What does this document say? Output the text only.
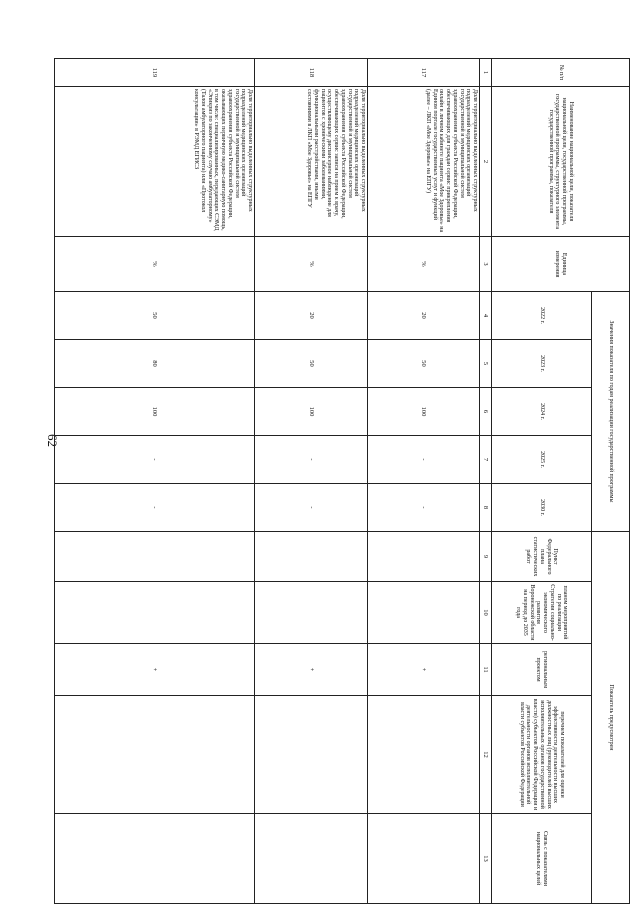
62
№ п/п	Наименование национальной цели, показателя национальной цели, государственной программы, государственной программы, структурного элемента государственной программы, показателя	Единица измерения	Значения показателя по годам реализации государственной программы					Показатель предусмотрен				
			2022 г.	2023 г.	2024 г.	2025 г.	2030 г.	Пункт Федерального плана статистических работ	планом мероприятий по реализации Стратегии социально-экономического развития Воронежской области на период до 2035 года	региональным проектом	перечнем показателей для оценки эффективности деятельности высших должностных лиц (руководителей высших исполнительных органов государственной власти) субъектов Российской Федерации и деятельности органов исполнительной власти субъектов Российской Федерации	Связь с показателями национальных целей
1	2	3	4	5	6	7	8	9	10	11	12	13
117	Доля территориально выделенных структурных подразделений медицинских организаций государственной и муниципальной систем здравоохранения субъекта Российской Федерации, обеспечивающих для граждан сервис прикрепления онлайн в личном кабинете пациента «Мое Здоровье» на Едином портале государственных услуг и функций (далее – ЛКП «Мое Здоровье» на ЕПГУ)	%	20	50	100	-	-			+		
118	Доля территориально выделенных структурных подразделений медицинских организаций государственной и муниципальной систем здравоохранения субъекта Российской Федерации, обеспечивающих сервис записи на прием к врачу, осуществляющему диспансерное наблюдение для пациентов с хроническими заболеваниями, функциональными расстройствами, иными состояниями в ЛКП «Мое Здоровье» на ЕПГУ	%	20	50	100	-	-			+		
119	Доля территориально выделенных структурных подразделений медицинских организаций государственной и муниципальной систем здравоохранения субъекта Российской Федерации, оказывающих первичную медико-санитарную помощь, в том числе: специализированных, передающих СЭМД «Эпикриз по законченному случаю амбулаторному» (Талон амбулаторного пациента) или «Протокол консультации» в РЭМД ЕГИСЗ	%	50	80	100	-	-			+		
